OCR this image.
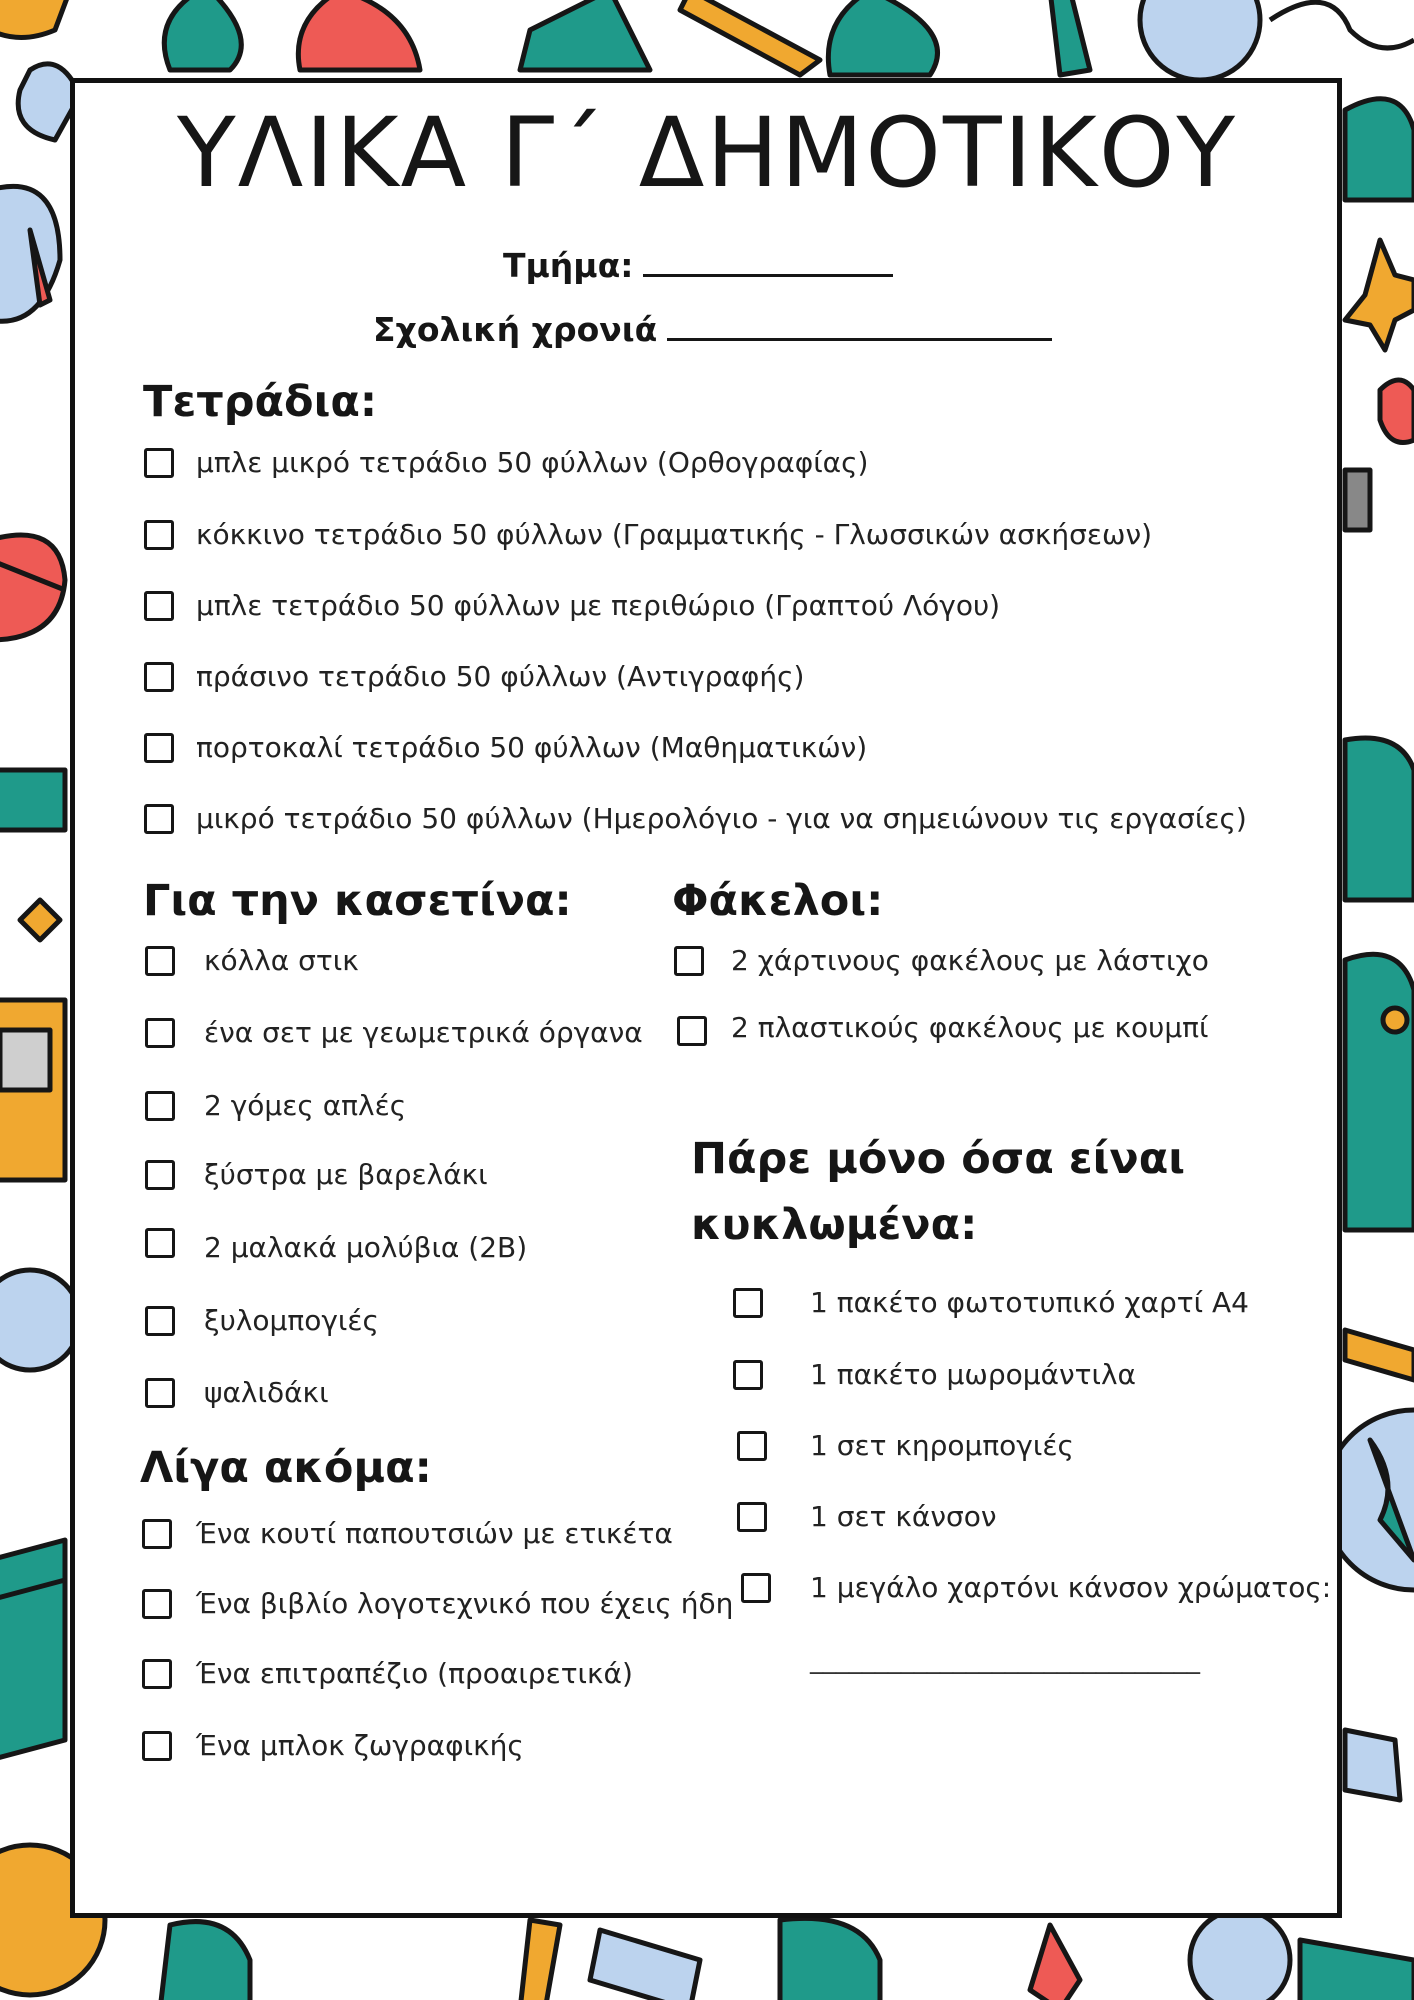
ΥΛΙΚΑ Γ΄ ΔΗΜΟΤΙΚΟΥ
Τμήμα:
Σχολική χρονιά
Τετράδια:
μπλε μικρό τετράδιο 50 φύλλων (Ορθογραφίας)
κόκκινο τετράδιο 50 φύλλων (Γραμματικής - Γλωσσικών ασκήσεων)
μπλε τετράδιο 50 φύλλων με περιθώριο (Γραπτού Λόγου)
πράσινο τετράδιο 50 φύλλων (Αντιγραφής)
πορτοκαλί τετράδιο 50 φύλλων (Μαθηματικών)
μικρό τετράδιο 50 φύλλων (Ημερολόγιο - για να σημειώνουν τις εργασίες)
Για την κασετίνα:
κόλλα στικ
ένα σετ με γεωμετρικά όργανα
2 γόμες απλές
ξύστρα με βαρελάκι
2 μαλακά μολύβια (2Β)
ξυλομπογιές
ψαλιδάκι
Λίγα ακόμα:
Ένα κουτί παπουτσιών με ετικέτα
Ένα βιβλίο λογοτεχνικό που έχεις ήδη
Ένα επιτραπέζιο (προαιρετικά)
Ένα μπλοκ ζωγραφικής
Φάκελοι:
2 χάρτινους φακέλους με λάστιχο
2 πλαστικούς φακέλους με κουμπί
Πάρε μόνο όσα είναι
κυκλωμένα:
1 πακέτο φωτοτυπικό χαρτί Α4
1 πακέτο μωρομάντιλα
1 σετ κηρομπογιές
1 σετ κάνσον
1 μεγάλο χαρτόνι κάνσον χρώματος:
______________________________
